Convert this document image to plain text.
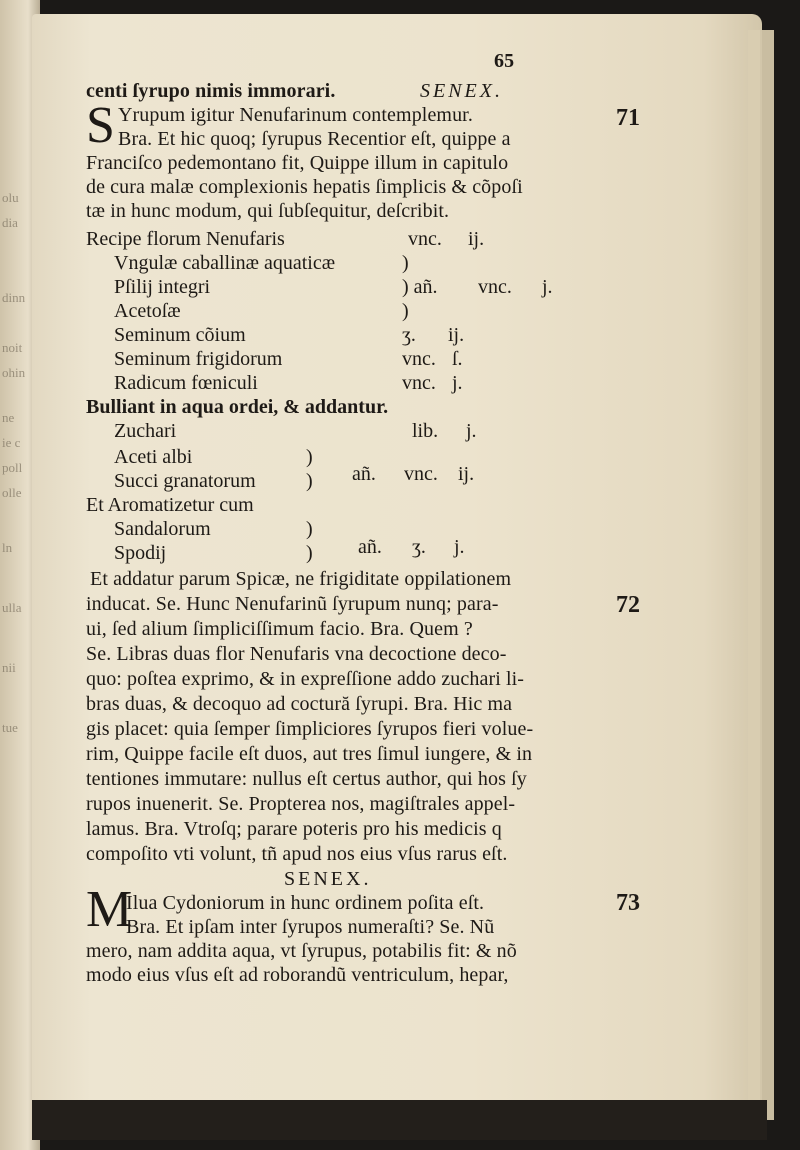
olu
dia
dinn
noit
ohin
ne
ie c
poll
olle
ln
ulla
nii
tue
71
72
73
65
centi ſyrupo nimis immorari.	SENEX.
S Yrupum igitur Nenufarinum contemplemur.
Bra. Et hic quoq; ſyrupus Recentior eſt, quippe a
Franciſco pedemontano fit, Quippe illum in capitulo
de cura malæ complexionis hepatis ſimplicis & cõpoſi
tæ in hunc modum, qui ſubſequitur, deſcribit.
Recipe florum Nenufaris	vnc. ij.
Vngulæ caballinæ aquaticæ	)
Pſilij integri	) añ. vnc. j.
Acetoſæ	)
Seminum cõium	ʒ. ij.
Seminum frigidorum	vnc. ſ.
Radicum fœniculi	vnc. j.
Bulliant in aqua ordei, & addantur.
Zuchari	lib. j.
Aceti albi	)
Succi granatorum	) añ. vnc. ij.
Et Aromatizetur cum
Sandalorum	)
Spodij	) añ. ʒ. j.
Et addatur parum Spicæ, ne frigiditate oppilationem
inducat. Se. Hunc Nenufarinũ ſyrupum nunq; para-
ui, ſed alium ſimpliciſſimum facio. Bra. Quem ?
Se. Libras duas flor Nenufaris vna decoctione deco-
quo: poſtea exprimo, & in expreſſione addo zuchari li-
bras duas, & decoquo ad coctură ſyrupi. Bra. Hic ma
gis placet: quia ſemper ſimpliciores ſyrupos fieri volue-
rim, Quippe facile eſt duos, aut tres ſimul iungere, & in
tentiones immutare: nullus eſt certus author, qui hos ſy
rupos inuenerit. Se. Propterea nos, magiſtrales appel-
lamus. Bra. Vtroſq; parare poteris pro his medicis q
compoſito vti volunt, tñ apud nos eius vſus rarus eſt.
SENEX.
M
Ilua Cydoniorum in hunc ordinem poſita eſt.
Bra. Et ipſam inter ſyrupos numeraſti? Se. Nũ
mero, nam addita aqua, vt ſyrupus, potabilis fit: & nõ
modo eius vſus eſt ad roborandũ ventriculum, hepar,
